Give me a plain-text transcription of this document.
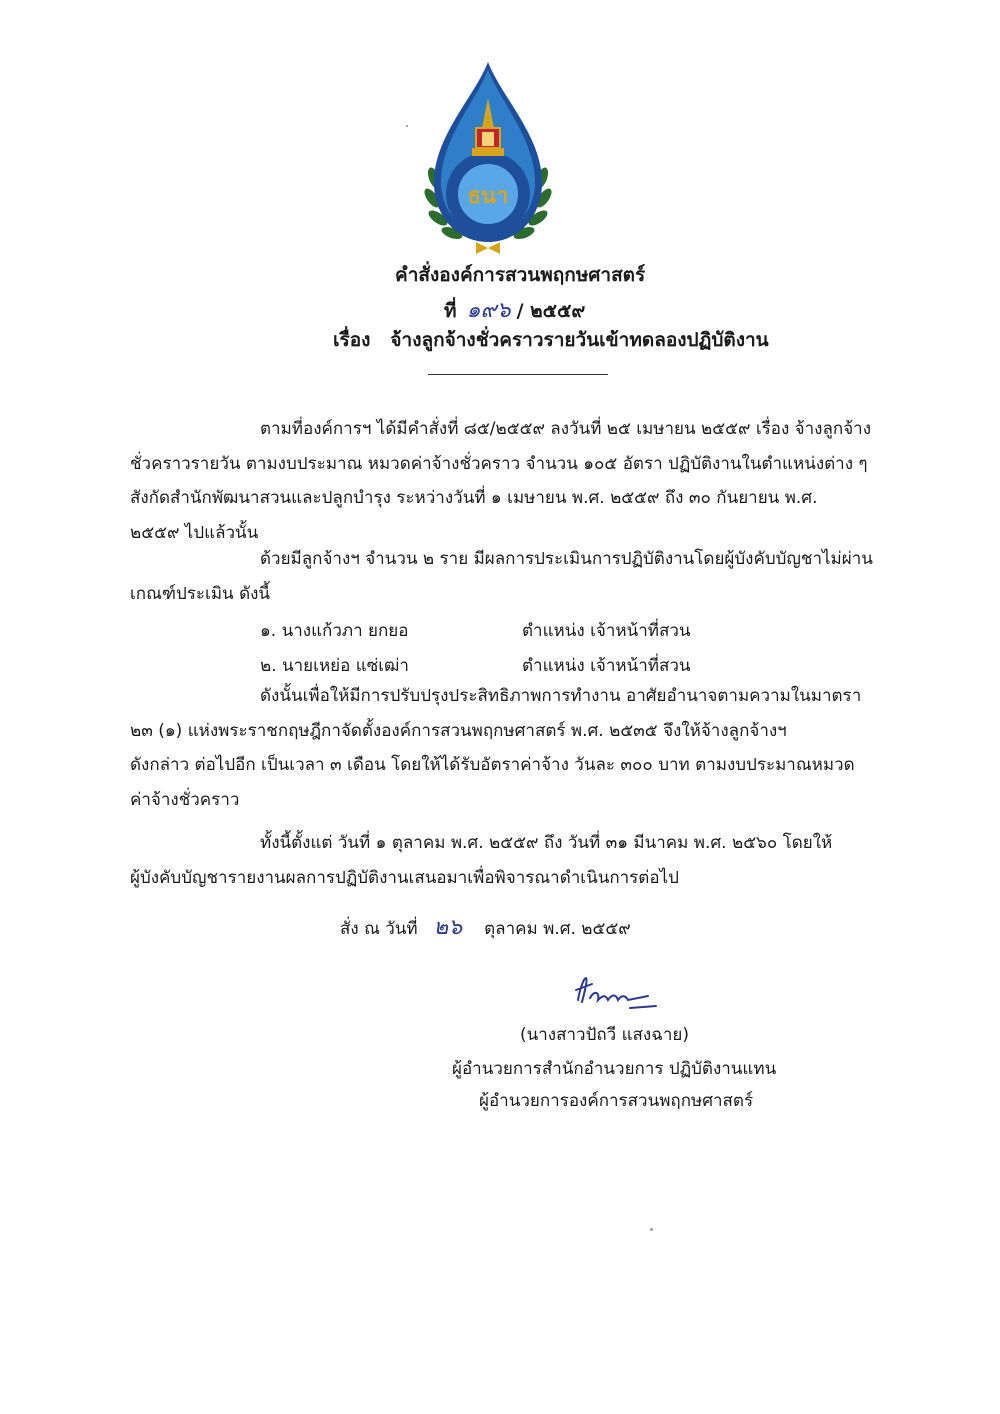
ธนา
คำสั่งองค์การสวนพฤกษศาสตร์
ที่ ๑๙๖ / ๒๕๕๙
เรื่อง จ้างลูกจ้างชั่วคราวรายวันเข้าทดลองปฏิบัติงาน
ตามที่องค์การฯ ได้มีคำสั่งที่ ๘๕/๒๕๕๙ ลงวันที่ ๒๕ เมษายน ๒๕๕๙ เรื่อง จ้างลูกจ้าง
ชั่วคราวรายวัน ตามงบประมาณ หมวดค่าจ้างชั่วคราว จำนวน ๑๐๕ อัตรา ปฏิบัติงานในตำแหน่งต่าง ๆ
สังกัดสำนักพัฒนาสวนและปลูกบำรุง ระหว่างวันที่ ๑ เมษายน พ.ศ. ๒๕๕๙ ถึง ๓๐ กันยายน พ.ศ.
๒๕๕๙ ไปแล้วนั้น
ด้วยมีลูกจ้างฯ จำนวน ๒ ราย มีผลการประเมินการปฏิบัติงานโดยผู้บังคับบัญชาไม่ผ่าน
เกณฑ์ประเมิน ดังนี้
๑. นางแก้วภา ยกยอ	ตำแหน่ง เจ้าหน้าที่สวน
๒. นายเหย่อ แซ่เฒ่า	ตำแหน่ง เจ้าหน้าที่สวน
ดังนั้นเพื่อให้มีการปรับปรุงประสิทธิภาพการทำงาน อาศัยอำนาจตามความในมาตรา
๒๓ (๑) แห่งพระราชกฤษฎีกาจัดตั้งองค์การสวนพฤกษศาสตร์ พ.ศ. ๒๕๓๕ จึงให้จ้างลูกจ้างฯ
ดังกล่าว ต่อไปอีก เป็นเวลา ๓ เดือน โดยให้ได้รับอัตราค่าจ้าง วันละ ๓๐๐ บาท ตามงบประมาณหมวด
ค่าจ้างชั่วคราว
ทั้งนี้ตั้งแต่ วันที่ ๑ ตุลาคม พ.ศ. ๒๕๕๙ ถึง วันที่ ๓๑ มีนาคม พ.ศ. ๒๕๖๐ โดยให้
ผู้บังคับบัญชารายงานผลการปฏิบัติงานเสนอมาเพื่อพิจารณาดำเนินการต่อไป
สั่ง ณ วันที่ ๒๖ ตุลาคม พ.ศ. ๒๕๕๙
(นางสาวปัถวี แสงฉาย)
ผู้อำนวยการสำนักอำนวยการ ปฏิบัติงานแทน
ผู้อำนวยการองค์การสวนพฤกษศาสตร์
